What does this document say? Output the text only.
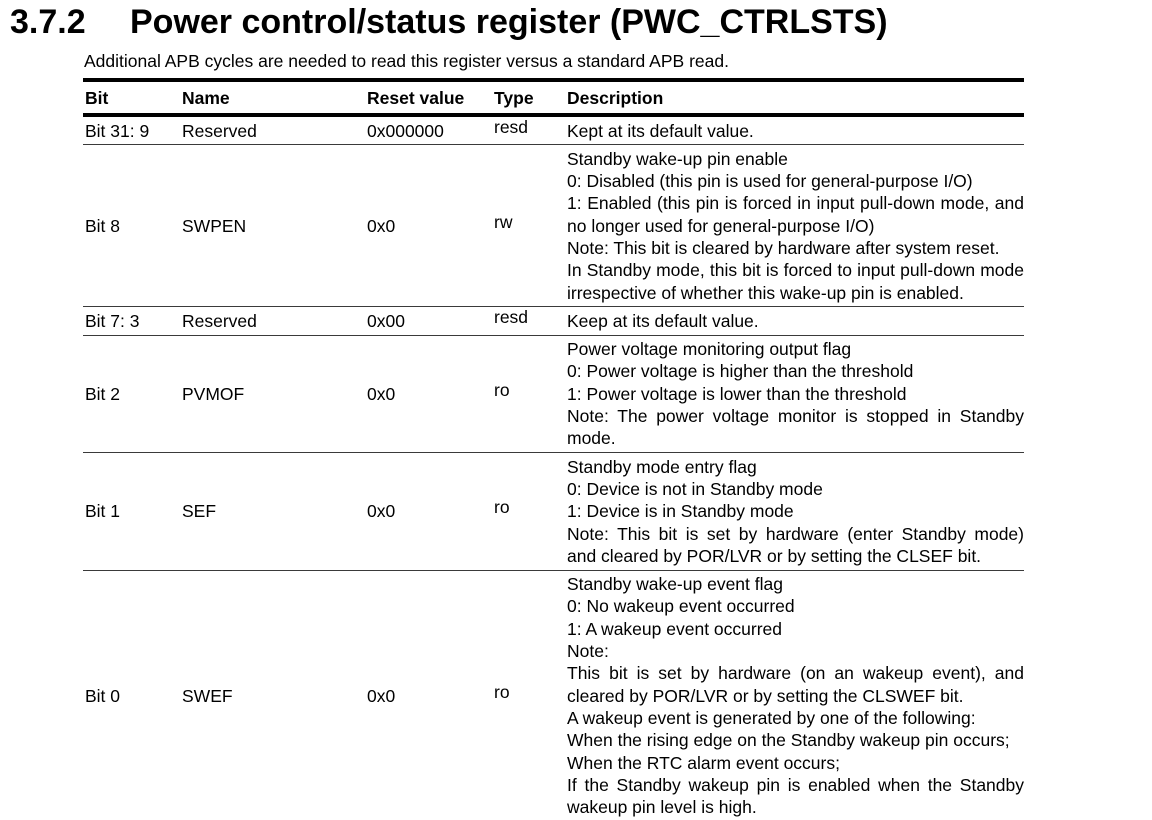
3.7.2	Power control/status register (PWC_CTRLSTS)
Additional APB cycles are needed to read this register versus a standard APB read.
Bit	Name	Reset value	Type	Description
Bit 31: 9	Reserved	0x000000	resd	Kept at its default value.

Bit 8	SWPEN	0x0	rw	Standby wake-up pin enable
0: Disabled (this pin is used for general-purpose I/O)
1: Enabled (this pin is forced in input pull-down mode, and no longer used for general-purpose I/O)
Note: This bit is cleared by hardware after system reset.
In Standby mode, this bit is forced to input pull-down mode irrespective of whether this wake-up pin is enabled.

Bit 7: 3	Reserved	0x00	resd	Keep at its default value.

Bit 2	PVMOF	0x0	ro	Power voltage monitoring output flag
0: Power voltage is higher than the threshold
1: Power voltage is lower than the threshold
Note: The power voltage monitor is stopped in Standby mode.

Bit 1	SEF	0x0	ro	Standby mode entry flag
0: Device is not in Standby mode
1: Device is in Standby mode
Note: This bit is set by hardware (enter Standby mode) and cleared by POR/LVR or by setting the CLSEF bit.

Bit 0	SWEF	0x0	ro	
Standby wake-up event flag
0: No wakeup event occurred
1: A wakeup event occurred
Note:
This bit is set by hardware (on an wakeup event), and cleared by POR/LVR or by setting the CLSWEF bit.
A wakeup event is generated by one of the following:
When the rising edge on the Standby wakeup pin occurs;
When the RTC alarm event occurs;
If the Standby wakeup pin is enabled when the Standby wakeup pin level is high.
